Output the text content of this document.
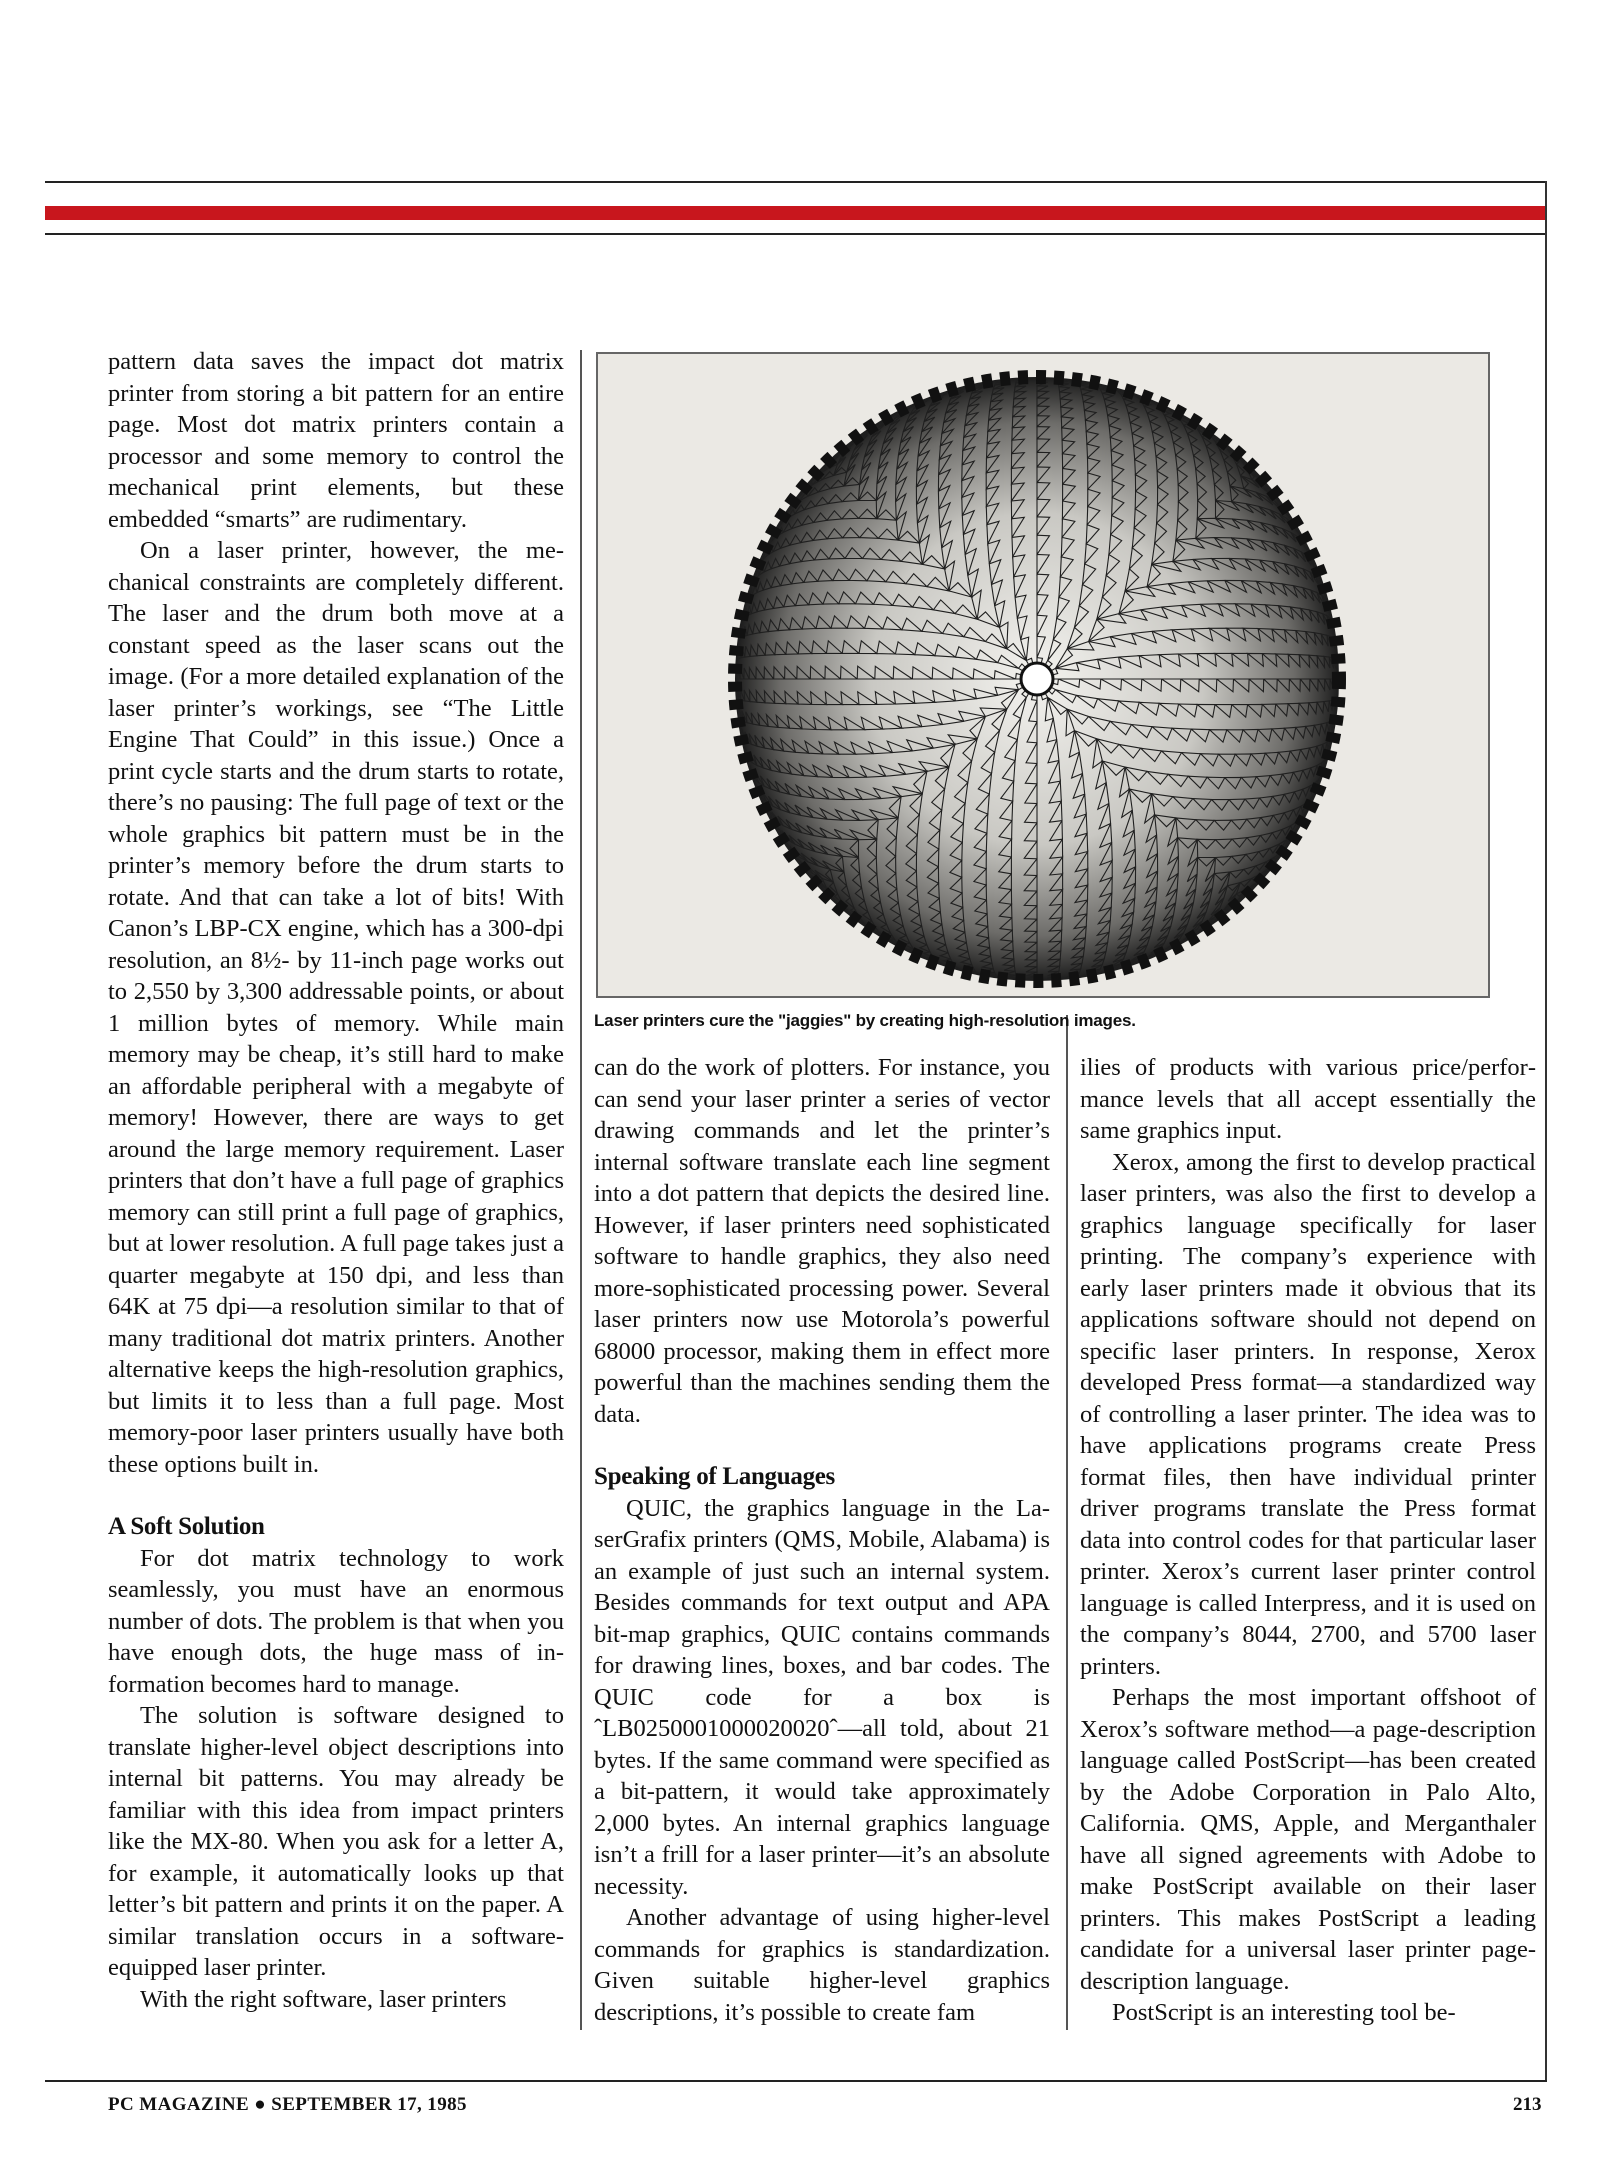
pattern data saves the impact dot matrix printer from storing a bit pattern for an entire page. Most dot matrix printers contain a processor and some memory to control the mechanical print elements, but these embedded “smarts” are rudimentary.

On a laser printer, however, the mechanical constraints are completely different. The laser and the drum both move at a constant speed as the laser scans out the image. (For a more detailed explanation of the laser printer’s workings, see “The Little Engine That Could” in this issue.) Once a print cycle starts and the drum starts to rotate, there’s no pausing: The full page of text or the whole graphics bit pattern must be in the printer’s memory before the drum starts to rotate. And that can take a lot of bits! With Canon’s LBP-CX engine, which has a 300-dpi resolution, an 8½- by 11-inch page works out to 2,550 by 3,300 addressable points, or about 1 million bytes of memory. While main memory may be cheap, it’s still hard to make an affordable peripheral with a megabyte of memory! However, there are ways to get around the large memory requirement. Laser printers that don’t have a full page of graphics memory can still print a full page of graphics, but at lower resolution. A full page takes just a quarter megabyte at 150 dpi, and less than 64K at 75 dpi—a resolution similar to that of many traditional dot matrix printers. Another alternative keeps the high-resolution graphics, but limits it to less than a full page. Most memory-poor laser printers usually have both these options built in.

A Soft Solution

For dot matrix technology to work seamlessly, you must have an enormous number of dots. The problem is that when you have enough dots, the huge mass of information becomes hard to manage.

The solution is software designed to translate higher-level object descriptions into internal bit patterns. You may already be familiar with this idea from impact printers like the MX-80. When you ask for a letter A, for example, it automatically looks up that letter’s bit pattern and prints it on the paper. A similar translation occurs in a software-equipped laser printer.

With the right software, laser printers

Laser printers cure the "jaggies" by creating high-resolution images.

can do the work of plotters. For instance, you can send your laser printer a series of vector drawing commands and let the printer’s internal software translate each line segment into a dot pattern that depicts the desired line. However, if laser printers need sophisticated software to handle graphics, they also need more-sophisticated processing power. Several laser printers now use Motorola’s powerful 68000 processor, making them in effect more powerful than the machines sending them the data.

Speaking of Languages

QUIC, the graphics language in the LaserGrafix printers (QMS, Mobile, Alabama) is an example of just such an internal system. Besides commands for text output and APA bit-map graphics, QUIC contains commands for drawing lines, boxes, and bar codes. The QUIC code for a box is ˆLB0250001000020020ˆ—all told, about 21 bytes. If the same command were specified as a bit-pattern, it would take approximately 2,000 bytes. An internal graphics language isn’t a frill for a laser printer—it’s an absolute necessity.

Another advantage of using higher-level commands for graphics is standardization. Given suitable higher-level graphics descriptions, it’s possible to create fam

ilies of products with various price/performance levels that all accept essentially the same graphics input.

Xerox, among the first to develop practical laser printers, was also the first to develop a graphics language specifically for laser printing. The company’s experience with early laser printers made it obvious that its applications software should not depend on specific laser printers. In response, Xerox developed Press format—a standardized way of controlling a laser printer. The idea was to have applications programs create Press format files, then have individual printer driver programs translate the Press format data into control codes for that particular laser printer. Xerox’s current laser printer control language is called Interpress, and it is used on the company’s 8044, 2700, and 5700 laser printers.

Perhaps the most important offshoot of Xerox’s software method—a page-description language called PostScript—has been created by the Adobe Corporation in Palo Alto, California. QMS, Apple, and Merganthaler have all signed agreements with Adobe to make PostScript available on their laser printers. This makes PostScript a leading candidate for a universal laser printer page-description language.

PostScript is an interesting tool be-

PC MAGAZINE ● SEPTEMBER 17, 1985	213
